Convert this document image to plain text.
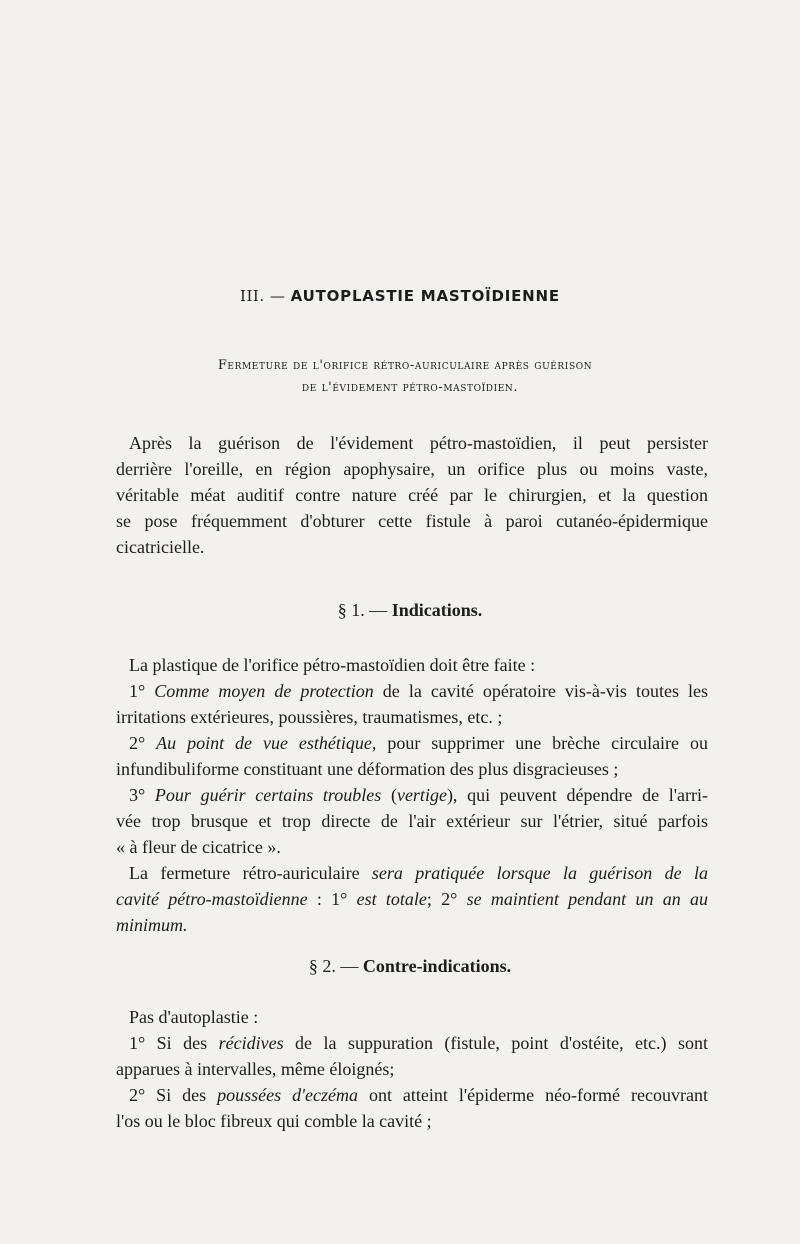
III. — AUTOPLASTIE MASTOÏDIENNE
Fermeture de l'orifice rétro-auriculaire après guérison
de l'évidement pétro-mastoïdien.
Après la guérison de l'évidement pétro-mastoïdien, il peut persister
derrière l'oreille, en région apophysaire, un orifice plus ou moins vaste,
véritable méat auditif contre nature créé par le chirurgien, et la question
se pose fréquemment d'obturer cette fistule à paroi cutanéo-épidermique
cicatricielle.
§ 1. — Indications.
La plastique de l'orifice pétro-mastoïdien doit être faite :
1° Comme moyen de protection de la cavité opératoire vis-à-vis toutes les
irritations extérieures, poussières, traumatismes, etc. ;
2° Au point de vue esthétique, pour supprimer une brèche circulaire ou
infundibuliforme constituant une déformation des plus disgracieuses ;
3° Pour guérir certains troubles (vertige), qui peuvent dépendre de l'arri-
vée trop brusque et trop directe de l'air extérieur sur l'étrier, situé parfois
« à fleur de cicatrice ».
La fermeture rétro-auriculaire sera pratiquée lorsque la guérison de la
cavité pétro-mastoïdienne : 1° est totale; 2° se maintient pendant un an au
minimum.
§ 2. — Contre-indications.
Pas d'autoplastie :
1° Si des récidives de la suppuration (fistule, point d'ostéite, etc.) sont
apparues à intervalles, même éloignés;
2° Si des poussées d'eczéma ont atteint l'épiderme néo-formé recouvrant
l'os ou le bloc fibreux qui comble la cavité ;
